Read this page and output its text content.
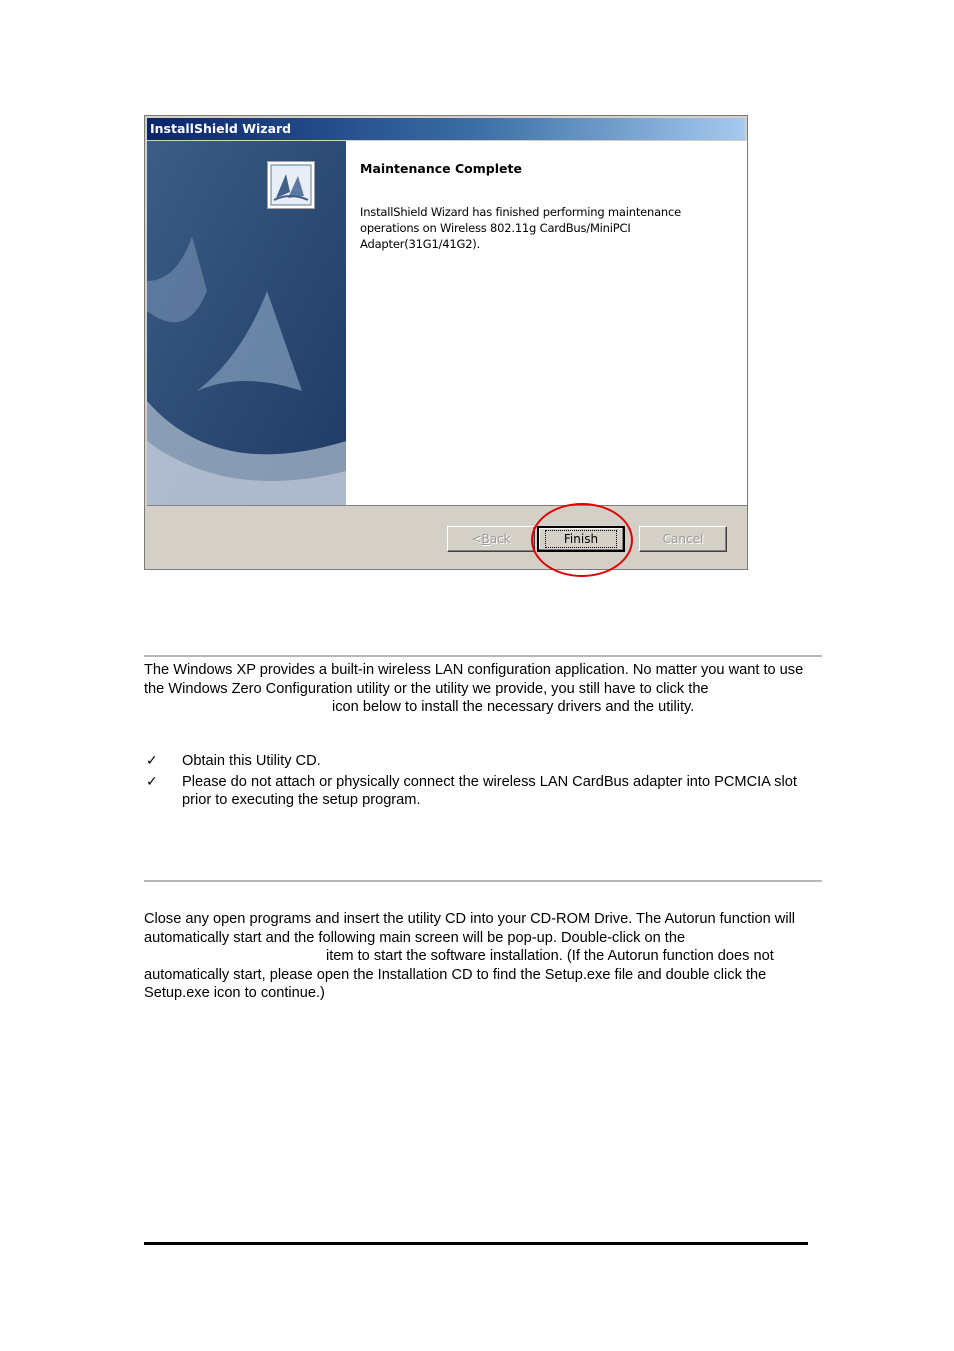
InstallShield Wizard

Maintenance Complete

InstallShield Wizard has finished performing maintenance operations on Wireless 802.11g CardBus/MiniPCI Adapter(31G1/41G2).

< B ack	Finish	Cancel

The Windows XP provides a built-in wireless LAN configuration application. No matter you want to use the Windows Zero Configuration utility or the utility we provide, you still have to click theicon below to install the necessary drivers and the utility.

✓ Obtain this Utility CD.
✓ Please do not attach or physically connect the wireless LAN CardBus adapter into PCMCIA slot prior to executing the setup program.

Close any open programs and insert the utility CD into your CD-ROM Drive. The Autorun function will automatically start and the following main screen will be pop-up. Double-click on theitem to start the software installation. (If the Autorun function does not automatically start, please open the Installation CD to find the Setup.exe file and double click the Setup.exe icon to continue.)
